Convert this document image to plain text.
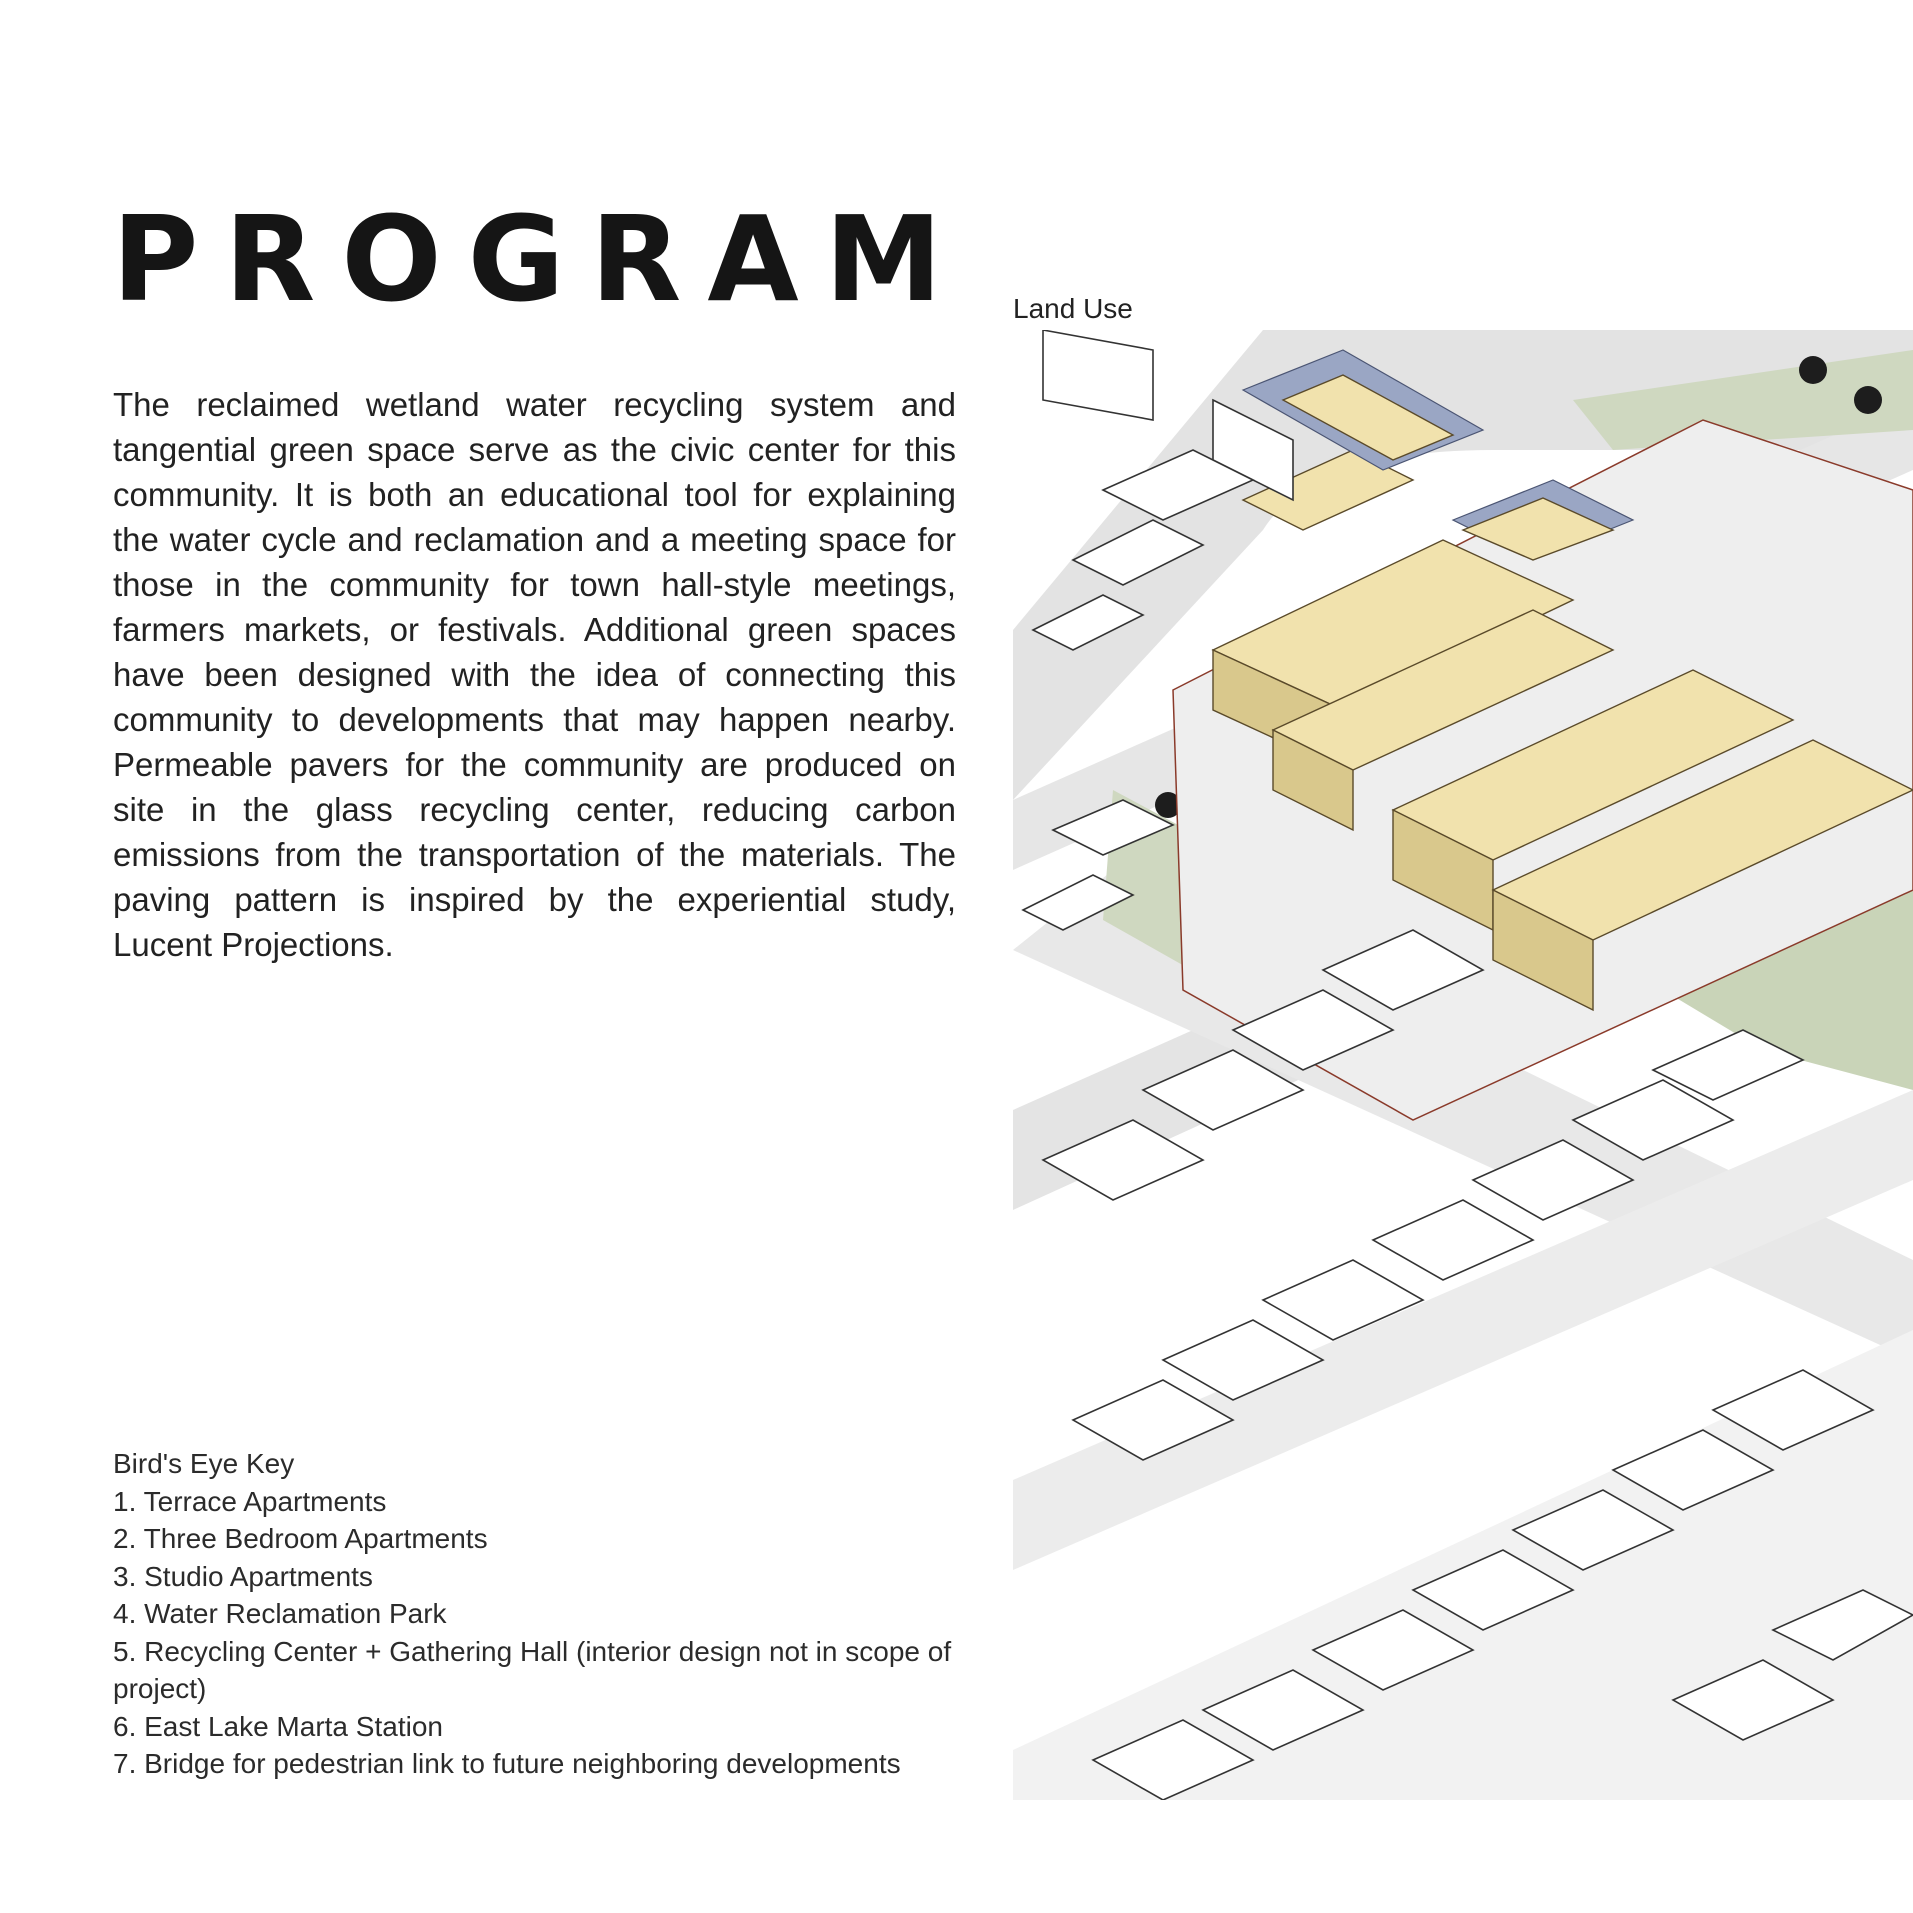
PROGRAM

The reclaimed wetland water recycling system and tangential green space serve as the civic center for this community. It is both an educational tool for explaining the water cycle and reclamation and a meeting space for those in the community for town hall-style meetings, farmers markets, or festivals. Additional green spaces have been designed with the idea of connecting this community to developments that may happen nearby. Permeable pavers for the community are produced on site in the glass recycling center, reducing carbon emissions from the transportation of the materials. The paving pattern is inspired by the experiential study, Lucent Projections.

Bird's Eye Key
1. Terrace Apartments
2. Three Bedroom Apartments
3. Studio Apartments
4. Water Reclamation Park
5. Recycling Center + Gathering Hall (interior design not in scope of project)
6. East Lake Marta Station
7. Bridge for pedestrian link to future neighboring developments
Land Use
